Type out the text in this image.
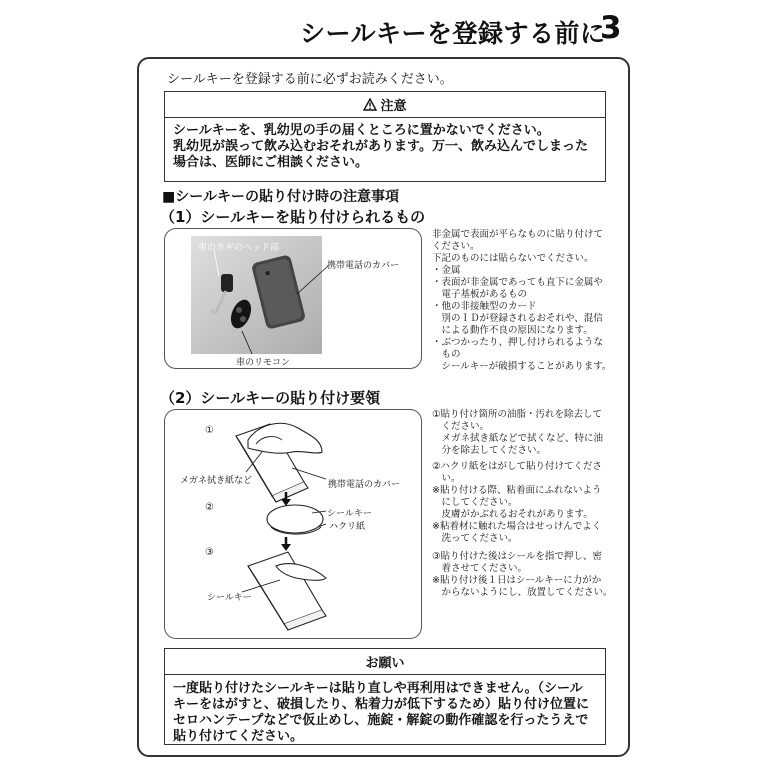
シールキーを登録する前に
3
シールキーを登録する前に必ずお読みください。
注意
シールキーを、乳幼児の手の届くところに置かないでください。
乳幼児が誤って飲み込むおそれがあります。万一、飲み込んでしまった
場合は、医師にご相談ください。
■シールキーの貼り付け時の注意事項
（1）シールキーを貼り付けられるもの
車のカギのヘッド部
携帯電話のカバー
車のリモコン
非金属で表面が平らなものに貼り付けて
ください。
下記のものには貼らないでください。
・金属
・表面が非金属であっても直下に金属や
　電子基板があるもの
・他の非接触型のカード
　別のＩＤが登録されるおそれや、混信
　による動作不良の原因になります。
・ぶつかったり、押し付けられるような
　もの
　シールキーが破損することがあります。
（2）シールキーの貼り付け要領
①
②
③
メガネ拭き紙など	携帯電話のカバー
シールキー
ハクリ紙
シールキー
①貼り付け箇所の油脂・汚れを除去して
　ください。
　メガネ拭き紙などで拭くなど、特に油
　分を除去してください。
②ハクリ紙をはがして貼り付けてくださ
　い。
※貼り付ける際、粘着面にふれないよう
　にしてください。
　皮膚がかぶれるおそれがあります。
※粘着材に触れた場合はせっけんでよく
　洗ってください。
③貼り付けた後はシールを指で押し、密
　着させてください。
※貼り付け後１日はシールキーに力がか
　からないようにし、放置してください。
お願い
一度貼り付けたシールキーは貼り直しや再利用はできません。（シール
キーをはがすと、破損したり、粘着力が低下するため）貼り付け位置に
セロハンテープなどで仮止めし、施錠・解錠の動作確認を行ったうえで
貼り付けてください。
